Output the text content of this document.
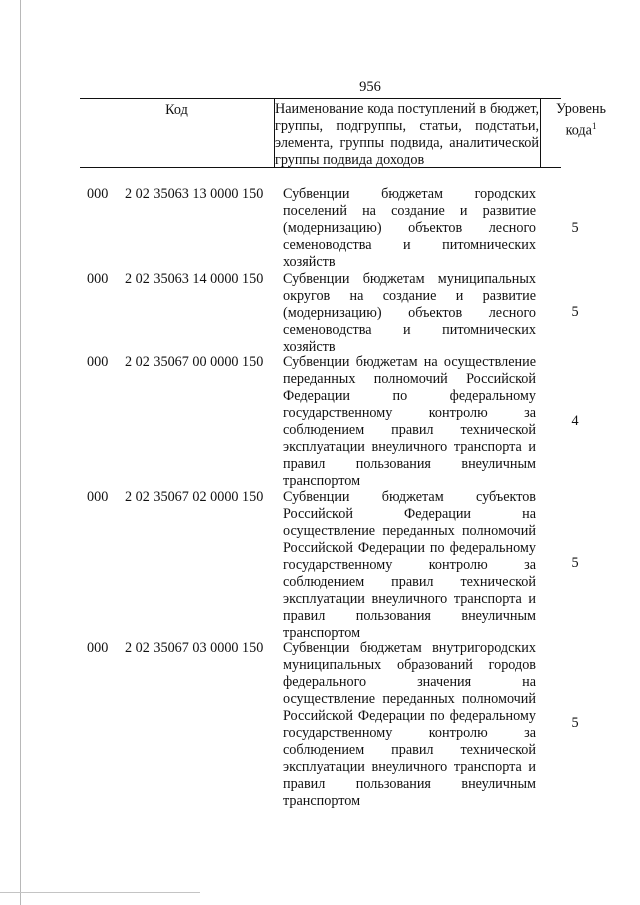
956
Код	Наименование кода поступлений в бюджет, группы, подгруппы, статьи, подстатьи, элемента, группы подвида, аналитической группы подвида доходов
Уровень кода$^1$
000 2 02 35063 13 0000 150 Субвенции бюджетам городских поселений на создание и развитие (модернизацию) объектов лесного семеноводства и питомнических хозяйств
5
000 2 02 35063 14 0000 150 Субвенции бюджетам муниципальных округов на создание и развитие (модернизацию) объектов лесного семеноводства и питомнических хозяйств
5
000 2 02 35067 00 0000 150 Субвенции бюджетам на осуществление переданных полномочий Российской Федерации по федеральному государственному контролю за соблюдением правил технической эксплуатации внеуличного транспорта и правил пользования внеуличным транспортом
4
000 2 02 35067 02 0000 150 Субвенции бюджетам субъектов Российской Федерации на осуществление переданных полномочий Российской Федерации по федеральному государственному контролю за соблюдением правил технической эксплуатации внеуличного транспорта и правил пользования внеуличным транспортом
5
000 2 02 35067 03 0000 150 Субвенции бюджетам внутригородских муниципальных образований городов федерального значения на осуществление переданных полномочий Российской Федерации по федеральному государственному контролю за соблюдением правил технической эксплуатации внеуличного транспорта и правил пользования внеуличным транспортом
5
